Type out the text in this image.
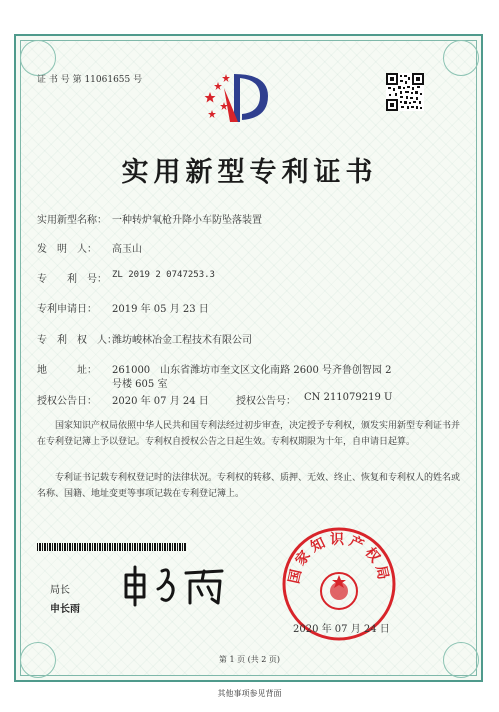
证 书 号 第 11061655 号
实用新型专利证书
实用新型名称： 一种转炉氧枪升降小车防坠落装置
发　明　人： 高玉山
专　　利　号： ZL 2019 2 0747253.3
专利申请日： 2019 年 05 月 23 日
专　利　权　人：
潍坊峻林冶金工程技术有限公司
地　　　址： 261000　山东省潍坊市奎文区文化南路 2600 号齐鲁创智园 2
号楼 605 室
授权公告日： 2020 年 07 月 24 日	授权公告号： CN 211079219 U
国家知识产权局依照中华人民共和国专利法经过初步审查，决定授予专利权，颁发实用新型专利证书并在专利登记簿上予以登记。专利权自授权公告之日起生效。专利权期限为十年，自申请日起算。
专利证书记载专利权登记时的法律状况。专利权的转移、质押、无效、终止、恢复和专利权人的姓名或名称、国籍、地址变更等事项记载在专利登记簿上。
局长
申长雨
国家知识产权局
2020 年 07 月 24 日
第 1 页 (共 2 页)
其他事项参见背面
